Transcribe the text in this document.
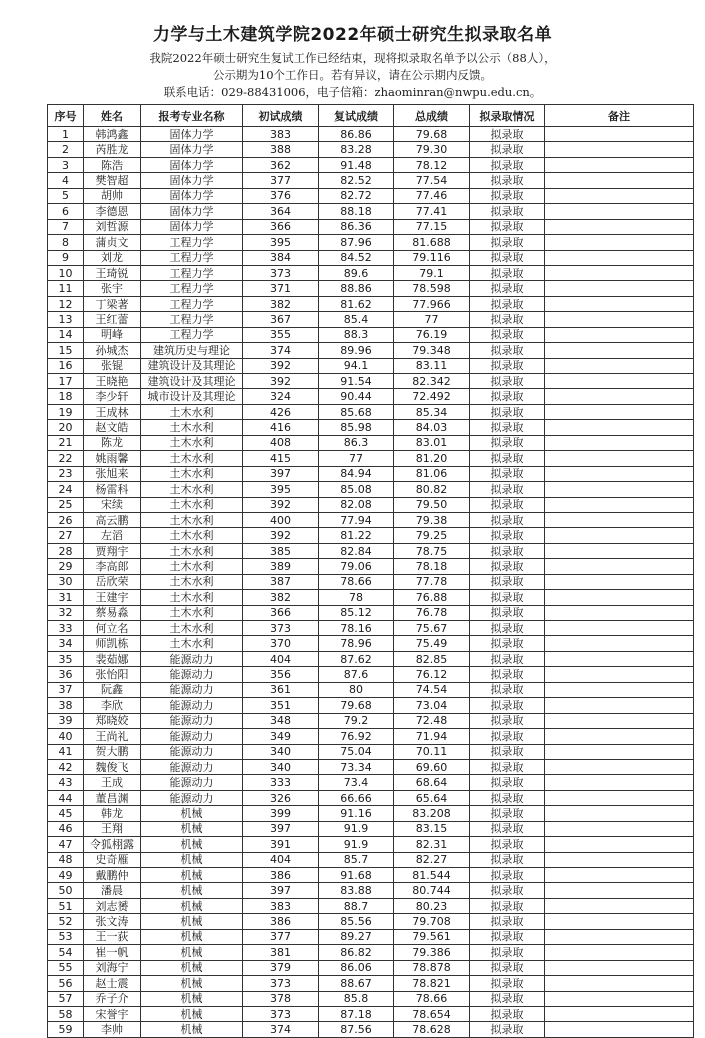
力学与土木建筑学院2022年硕士研究生拟录取名单
我院2022年硕士研究生复试工作已经结束，现将拟录取名单予以公示（88人），
公示期为10个工作日。若有异议，请在公示期内反馈。
联系电话：029-88431006，电子信箱：zhaominran@nwpu.edu.cn。
序号	姓名	报考专业名称	初试成绩	复试成绩	总成绩	拟录取情况	备注
1	韩鸿鑫	固体力学	383	86.86	79.68	拟录取	
2	芮胜龙	固体力学	388	83.28	79.30	拟录取	
3	陈浩	固体力学	362	91.48	78.12	拟录取	
4	樊智超	固体力学	377	82.52	77.54	拟录取	
5	胡帅	固体力学	376	82.72	77.46	拟录取	
6	李德恩	固体力学	364	88.18	77.41	拟录取	
7	刘哲源	固体力学	366	86.36	77.15	拟录取	
8	蒲贞文	工程力学	395	87.96	81.688	拟录取	
9	刘龙	工程力学	384	84.52	79.116	拟录取	
10	王琦锐	工程力学	373	89.6	79.1	拟录取	
11	张宇	工程力学	371	88.86	78.598	拟录取	
12	丁梁著	工程力学	382	81.62	77.966	拟录取	
13	王红蕾	工程力学	367	85.4	77	拟录取	
14	明峰	工程力学	355	88.3	76.19	拟录取	
15	孙城杰	建筑历史与理论	374	89.96	79.348	拟录取	
16	张锟	建筑设计及其理论	392	94.1	83.11	拟录取	
17	王晓艳	建筑设计及其理论	392	91.54	82.342	拟录取	
18	李少轩	城市设计及其理论	324	90.44	72.492	拟录取	
19	王成林	土木水利	426	85.68	85.34	拟录取	
20	赵文皓	土木水利	416	85.98	84.03	拟录取	
21	陈龙	土木水利	408	86.3	83.01	拟录取	
22	姚雨馨	土木水利	415	77	81.20	拟录取	
23	张旭来	土木水利	397	84.94	81.06	拟录取	
24	杨雷科	土木水利	395	85.08	80.82	拟录取	
25	宋续	土木水利	392	82.08	79.50	拟录取	
26	高云鹏	土木水利	400	77.94	79.38	拟录取	
27	左滔	土木水利	392	81.22	79.25	拟录取	
28	贾翔宇	土木水利	385	82.84	78.75	拟录取	
29	李高郎	土木水利	389	79.06	78.18	拟录取	
30	岳欣荣	土木水利	387	78.66	77.78	拟录取	
31	王建宇	土木水利	382	78	76.88	拟录取	
32	蔡易淼	土木水利	366	85.12	76.78	拟录取	
33	何立名	土木水利	373	78.16	75.67	拟录取	
34	师凯栋	土木水利	370	78.96	75.49	拟录取	
35	裴茹娜	能源动力	404	87.62	82.85	拟录取	
36	张怡阳	能源动力	356	87.6	76.12	拟录取	
37	阮鑫	能源动力	361	80	74.54	拟录取	
38	李欣	能源动力	351	79.68	73.04	拟录取	
39	郑晓姣	能源动力	348	79.2	72.48	拟录取	
40	王尚礼	能源动力	349	76.92	71.94	拟录取	
41	贺大鹏	能源动力	340	75.04	70.11	拟录取	
42	魏俊飞	能源动力	340	73.34	69.60	拟录取	
43	王成	能源动力	333	73.4	68.64	拟录取	
44	董昌渊	能源动力	326	66.66	65.64	拟录取	
45	韩龙	机械	399	91.16	83.208	拟录取	
46	王翔	机械	397	91.9	83.15	拟录取	
47	令狐栩露	机械	391	91.9	82.31	拟录取	
48	史奇雁	机械	404	85.7	82.27	拟录取	
49	戴鹏仲	机械	386	91.68	81.544	拟录取	
50	潘晨	机械	397	83.88	80.744	拟录取	
51	刘志赟	机械	383	88.7	80.23	拟录取	
52	张文涛	机械	386	85.56	79.708	拟录取	
53	王一荻	机械	377	89.27	79.561	拟录取	
54	崔一帆	机械	381	86.82	79.386	拟录取	
55	刘海宁	机械	379	86.06	78.878	拟录取	
56	赵士震	机械	373	88.67	78.821	拟录取	
57	乔子介	机械	378	85.8	78.66	拟录取	
58	宋誉宇	机械	373	87.18	78.654	拟录取	
59	李帅	机械	374	87.56	78.628	拟录取	
